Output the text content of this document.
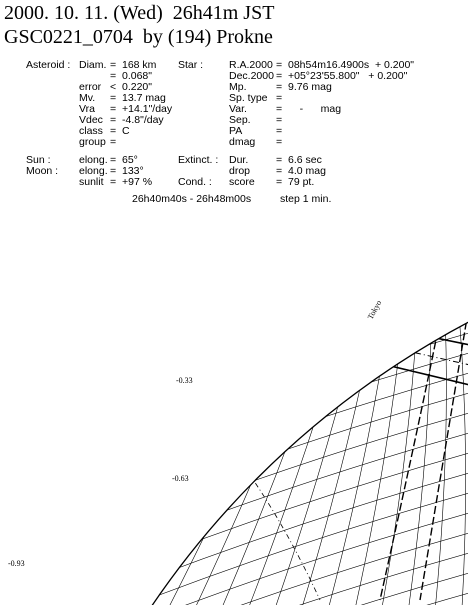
2000. 10. 11. (Wed)  26h41m JST
GSC0221_0704  by (194) Prokne
Asteroid : Diam. = 168 km
= 0.068"
error < 0.220"
Mv. = 13.7 mag
Vra = +14.1"/day
Vdec = -4.8"/day
class = C
group =
Star : R.A.2000 = 08h54m16.4900s  + 0.200"
Dec.2000 = +05°23'55.800"   + 0.200"
Mp.	= 9.76 mag
Sp. type =
Var.	= -      mag
Sep. =
PA	=
dmag =
Sun :	elong. = 65°
Moon : elong. = 133°
sunlit = +97 %
Extinct. : Dur.	= 6.6 sec
drop = 4.0 mag
Cond. : score = 79 pt.
26h40m40s - 26h48m00s	step 1 min.
-0.33
-0.63
-0.93
Tokyo
